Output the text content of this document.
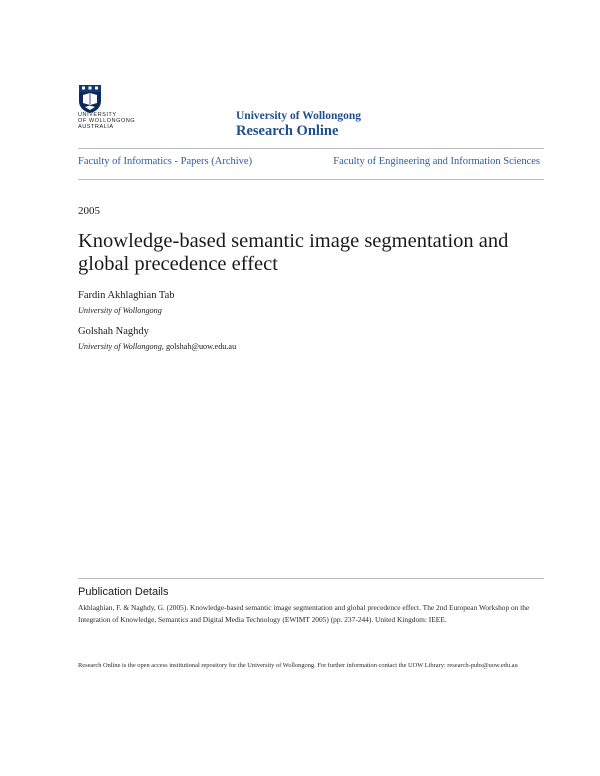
UNIVERSITY
OF WOLLONGONG
AUSTRALIA
University of Wollongong
Research Online
Faculty of Informatics - Papers (Archive)	Faculty of Engineering and Information Sciences
2005
Knowledge-based semantic image segmentation and global precedence effect
Fardin Akhlaghian Tab
University of Wollongong
Golshah Naghdy
University of Wollongong, golshah@uow.edu.au
Publication Details
Akhlaghian, F. & Naghdy, G. (2005). Knowledge-based semantic image segmentation and global precedence effect. The 2nd European Workshop on the Integration of Knowledge, Semantics and Digital Media Technology (EWIMT 2005) (pp. 237-244). United Kingdom: IEEE.
Research Online is the open access institutional repository for the University of Wollongong. For further information contact the UOW Library: research-pubs@uow.edu.au
